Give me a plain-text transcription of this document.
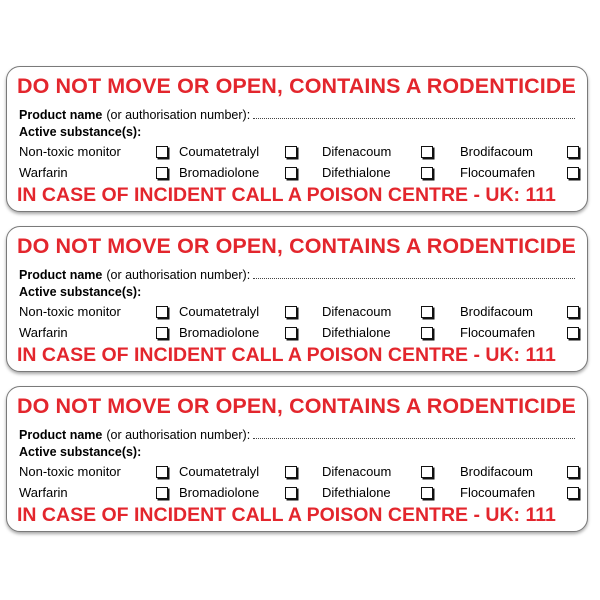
DO NOT MOVE OR OPEN, CONTAINS A RODENTICIDE
Product name (or authorisation number):
Active substance(s):
Non-toxic monitor	Coumatetralyl	Difenacoum	Brodifacoum
Warfarin	Bromadiolone	Difethialone	Flocoumafen
IN CASE OF INCIDENT CALL A POISON CENTRE - UK: 111
DO NOT MOVE OR OPEN, CONTAINS A RODENTICIDE
Product name (or authorisation number):
Active substance(s):
Non-toxic monitor	Coumatetralyl	Difenacoum	Brodifacoum
Warfarin	Bromadiolone	Difethialone	Flocoumafen
IN CASE OF INCIDENT CALL A POISON CENTRE - UK: 111
DO NOT MOVE OR OPEN, CONTAINS A RODENTICIDE
Product name (or authorisation number):
Active substance(s):
Non-toxic monitor	Coumatetralyl	Difenacoum	Brodifacoum
Warfarin	Bromadiolone	Difethialone	Flocoumafen
IN CASE OF INCIDENT CALL A POISON CENTRE - UK: 111
